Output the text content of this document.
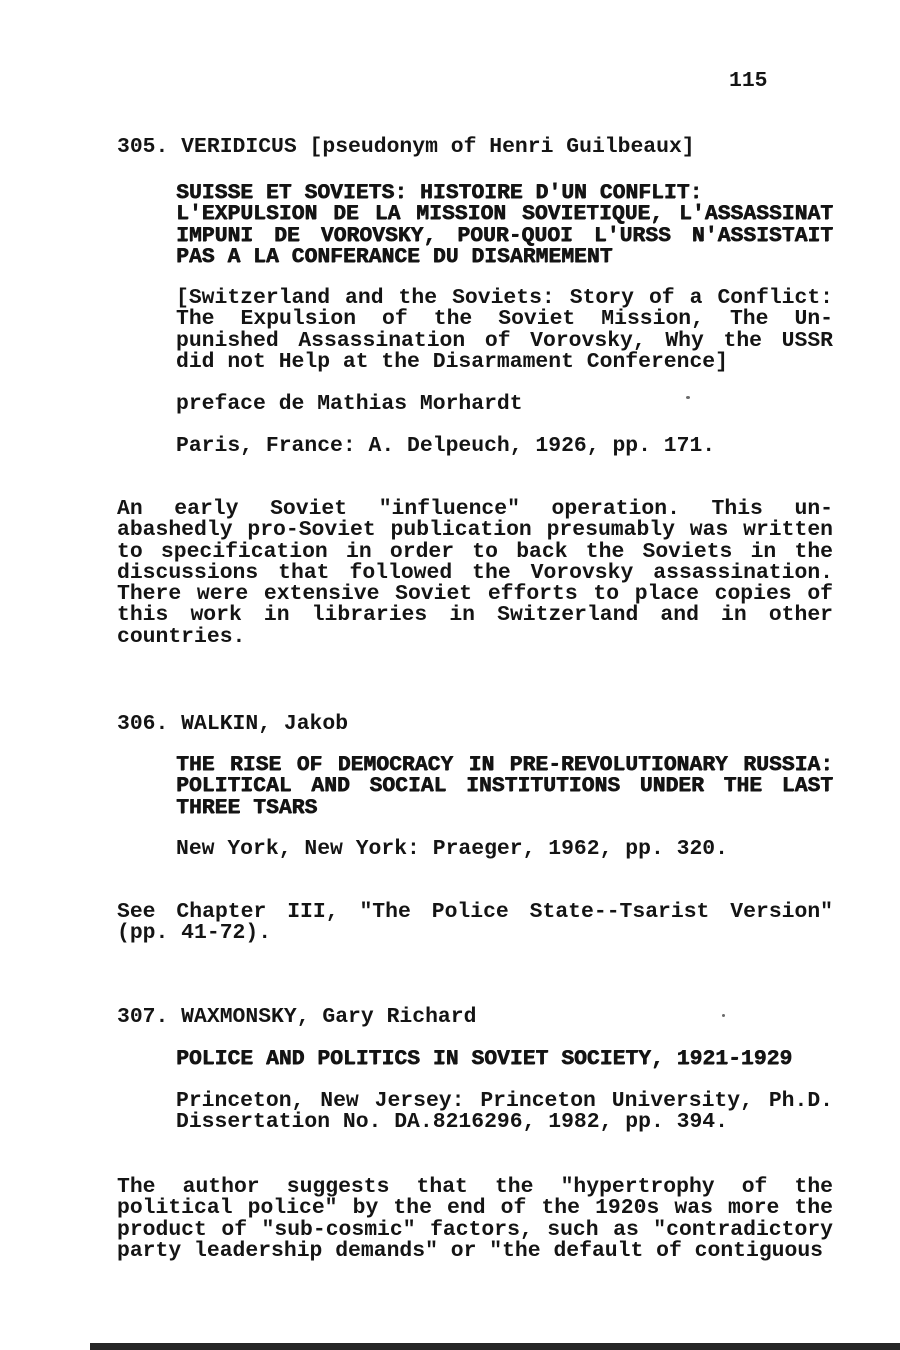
115
305. VERIDICUS [pseudonym of Henri Guilbeaux]
SUISSE ET SOVIETS: HISTOIRE D'UN CONFLIT:
L'EXPULSION DE LA MISSION SOVIETIQUE, L'ASSASSINAT
IMPUNI DE VOROVSKY, POUR-QUOI L'URSS N'ASSISTAIT
PAS A LA CONFERANCE DU DISARMEMENT
[Switzerland and the Soviets: Story of a Conflict:
The Expulsion of the Soviet Mission, The Un-
punished Assassination of Vorovsky, Why the USSR
did not Help at the Disarmament Conference]
preface de Mathias Morhardt
Paris, France: A. Delpeuch, 1926, pp. 171.
An early Soviet "influence" operation. This un-
abashedly pro-Soviet publication presumably was written
to specification in order to back the Soviets in the
discussions that followed the Vorovsky assassination.
There were extensive Soviet efforts to place copies of
this work in libraries in Switzerland and in other
countries.
306. WALKIN, Jakob
THE RISE OF DEMOCRACY IN PRE-REVOLUTIONARY RUSSIA:
POLITICAL AND SOCIAL INSTITUTIONS UNDER THE LAST
THREE TSARS
New York, New York: Praeger, 1962, pp. 320.
See Chapter III, "The Police State--Tsarist Version"
(pp. 41-72).
307. WAXMONSKY, Gary Richard
POLICE AND POLITICS IN SOVIET SOCIETY, 1921-1929
Princeton, New Jersey: Princeton University, Ph.D.
Dissertation No. DA.8216296, 1982, pp. 394.
The author suggests that the "hypertrophy of the
political police" by the end of the 1920s was more the
product of "sub-cosmic" factors, such as "contradictory
party leadership demands" or "the default of contiguous
